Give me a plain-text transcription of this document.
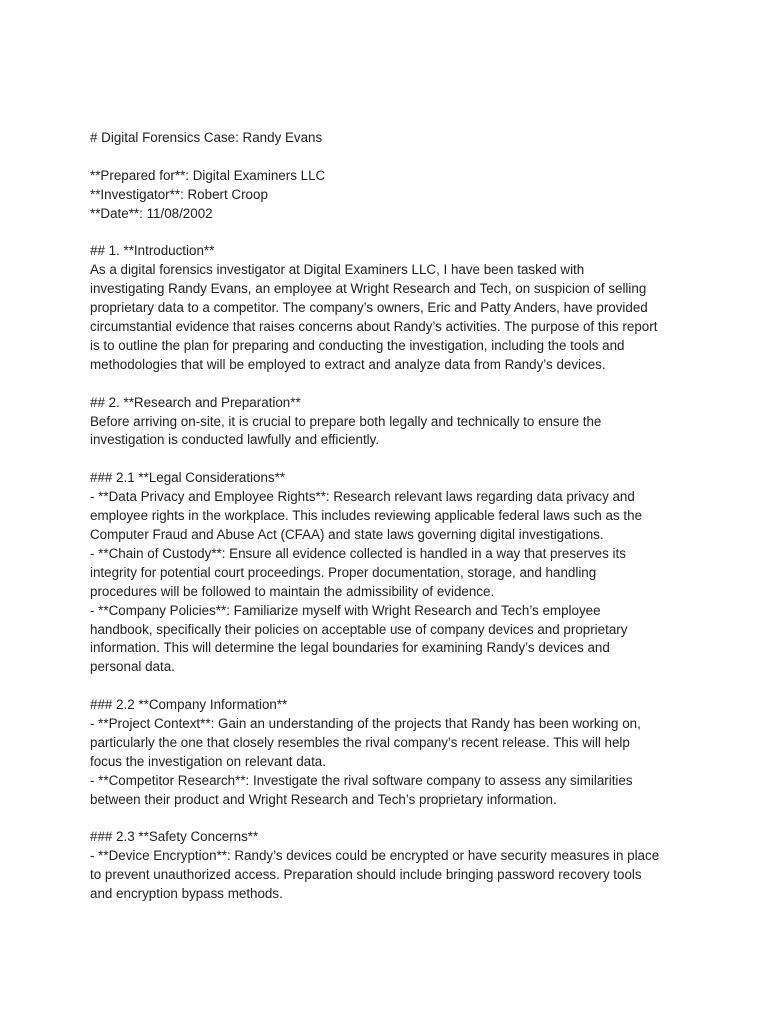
# Digital Forensics Case: Randy Evans

**Prepared for**: Digital Examiners LLC

**Investigator**: Robert Croop

**Date**: 11/08/2002

## 1. **Introduction**

As a digital forensics investigator at Digital Examiners LLC, I have been tasked with

investigating Randy Evans, an employee at Wright Research and Tech, on suspicion of selling

proprietary data to a competitor. The company’s owners, Eric and Patty Anders, have provided

circumstantial evidence that raises concerns about Randy’s activities. The purpose of this report

is to outline the plan for preparing and conducting the investigation, including the tools and

methodologies that will be employed to extract and analyze data from Randy’s devices.

## 2. **Research and Preparation**

Before arriving on-site, it is crucial to prepare both legally and technically to ensure the

investigation is conducted lawfully and efficiently.

### 2.1 **Legal Considerations**

- **Data Privacy and Employee Rights**: Research relevant laws regarding data privacy and

employee rights in the workplace. This includes reviewing applicable federal laws such as the

Computer Fraud and Abuse Act (CFAA) and state laws governing digital investigations.

- **Chain of Custody**: Ensure all evidence collected is handled in a way that preserves its

integrity for potential court proceedings. Proper documentation, storage, and handling

procedures will be followed to maintain the admissibility of evidence.

- **Company Policies**: Familiarize myself with Wright Research and Tech’s employee

handbook, specifically their policies on acceptable use of company devices and proprietary

information. This will determine the legal boundaries for examining Randy’s devices and

personal data.

### 2.2 **Company Information**

- **Project Context**: Gain an understanding of the projects that Randy has been working on,

particularly the one that closely resembles the rival company’s recent release. This will help

focus the investigation on relevant data.

- **Competitor Research**: Investigate the rival software company to assess any similarities

between their product and Wright Research and Tech’s proprietary information.

### 2.3 **Safety Concerns**

- **Device Encryption**: Randy’s devices could be encrypted or have security measures in place

to prevent unauthorized access. Preparation should include bringing password recovery tools

and encryption bypass methods.
